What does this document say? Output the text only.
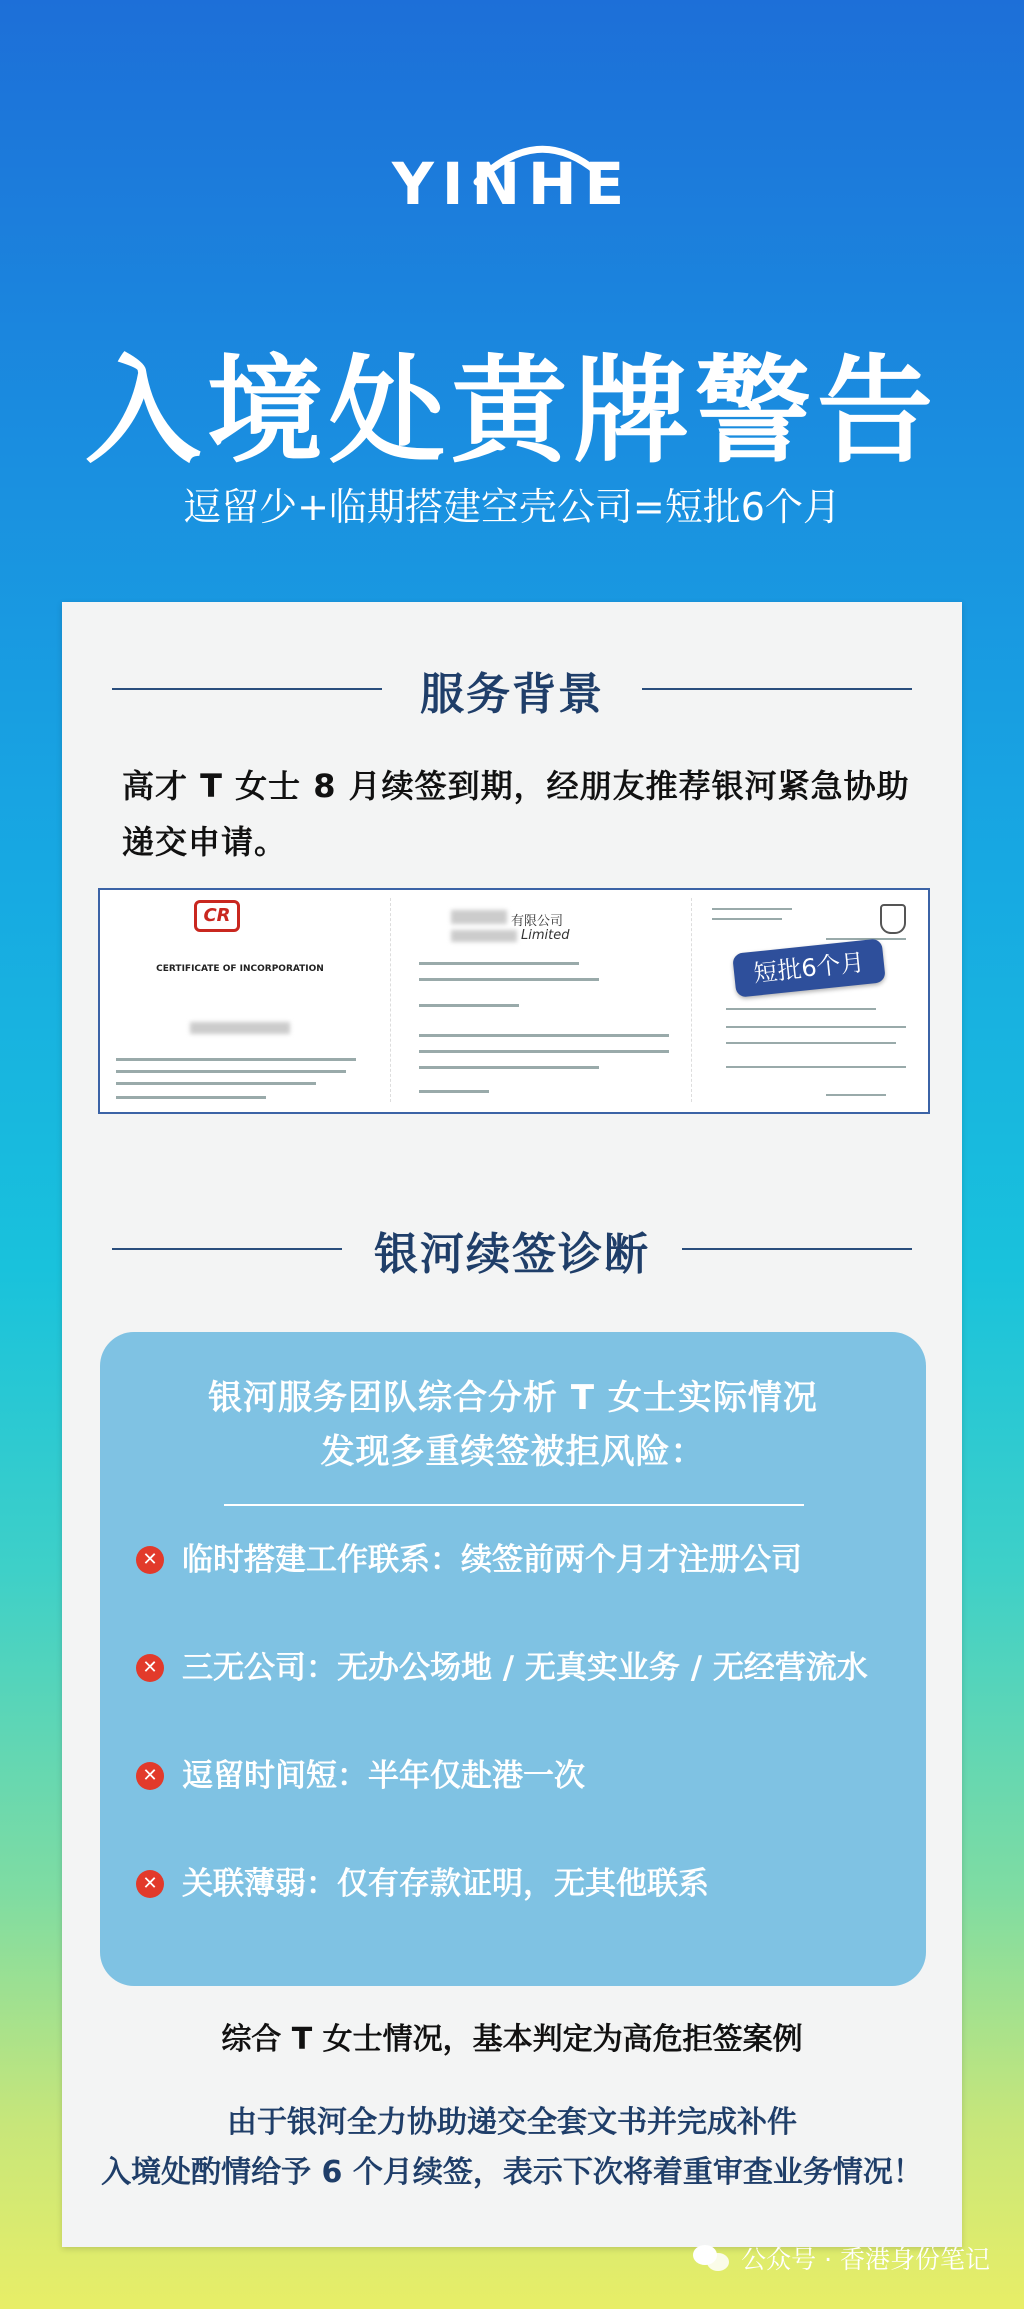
YINHE
入境处黄牌警告
逗留少+临期搭建空壳公司=短批6个月
服务背景
高才 T 女士 8 月续签到期，经朋友推荐银河紧急协助递交申请。
CR
CERTIFICATE OF INCORPORATION
有限公司
Limited
短批6个月
银河续签诊断
银河服务团队综合分析 T 女士实际情况
发现多重续签被拒风险：
✕ 临时搭建工作联系：续签前两个月才注册公司
✕ 三无公司：无办公场地 / 无真实业务 / 无经营流水
✕ 逗留时间短：半年仅赴港一次
✕ 关联薄弱：仅有存款证明，无其他联系
综合 T 女士情况，基本判定为高危拒签案例
由于银河全力协助递交全套文书并完成补件
入境处酌情给予 6 个月续签，表示下次将着重审查业务情况！
公众号 · 香港身份笔记
